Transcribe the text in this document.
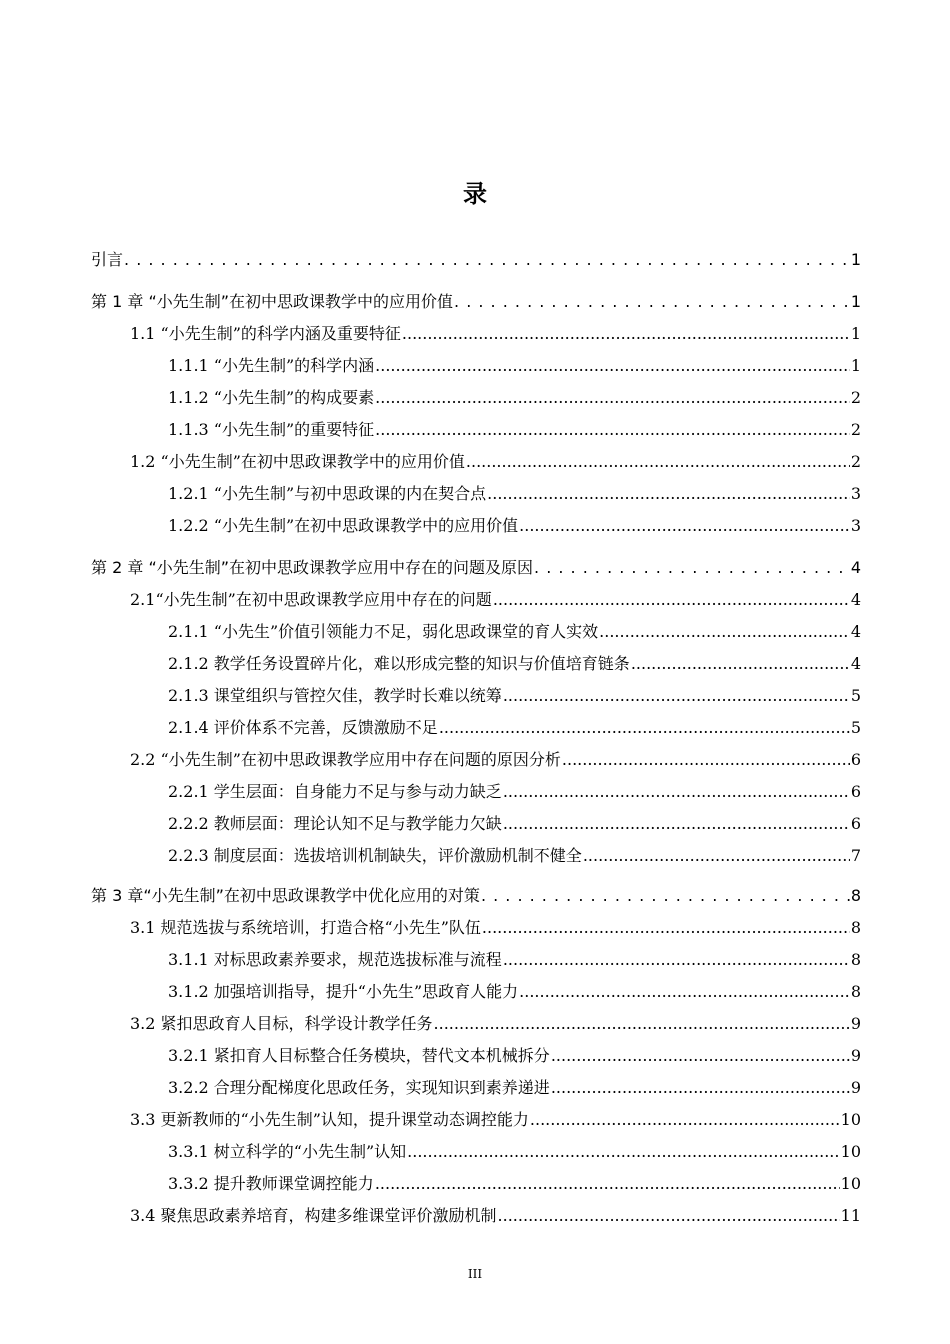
录
引言 . . .	1
第 1 章 “小先生制”在初中思政课教学中的应用价值 . . .	1
1.1 “小先生制”的科学内涵及重要特征 .....	1
1.1.1 “小先生制”的科学内涵 .....	1
1.1.2 “小先生制”的构成要素 .....	2
1.1.3 “小先生制”的重要特征 .....	2
1.2 “小先生制”在初中思政课教学中的应用价值 .....	2
1.2.1 “小先生制”与初中思政课的内在契合点 .....	3
1.2.2 “小先生制”在初中思政课教学中的应用价值 .....	3
第 2 章 “小先生制”在初中思政课教学应用中存在的问题及原因 . . .	4
2.1“小先生制”在初中思政课教学应用中存在的问题 .....	4
2.1.1 “小先生”价值引领能力不足，弱化思政课堂的育人实效 .....	4
2.1.2 教学任务设置碎片化，难以形成完整的知识与价值培育链条 .....	4
2.1.3 课堂组织与管控欠佳，教学时长难以统筹 .....	5
2.1.4 评价体系不完善，反馈激励不足 .....	5
2.2 “小先生制”在初中思政课教学应用中存在问题的原因分析 .....	6
2.2.1 学生层面：自身能力不足与参与动力缺乏 .....	6
2.2.2 教师层面：理论认知不足与教学能力欠缺 .....	6
2.2.3 制度层面：选拔培训机制缺失，评价激励机制不健全 .....	7
第 3 章“小先生制”在初中思政课教学中优化应用的对策 . . .	8
3.1 规范选拔与系统培训，打造合格“小先生”队伍 .....	8
3.1.1 对标思政素养要求，规范选拔标准与流程 .....	8
3.1.2 加强培训指导，提升“小先生”思政育人能力 .....	8
3.2 紧扣思政育人目标，科学设计教学任务 .....	9
3.2.1 紧扣育人目标整合任务模块，替代文本机械拆分 .....	9
3.2.2 合理分配梯度化思政任务，实现知识到素养递进 .....	9
3.3 更新教师的“小先生制”认知，提升课堂动态调控能力 .....	10
3.3.1 树立科学的“小先生制”认知 .....	10
3.3.2 提升教师课堂调控能力 .....	10
3.4 聚焦思政素养培育，构建多维课堂评价激励机制 .....	11
III
